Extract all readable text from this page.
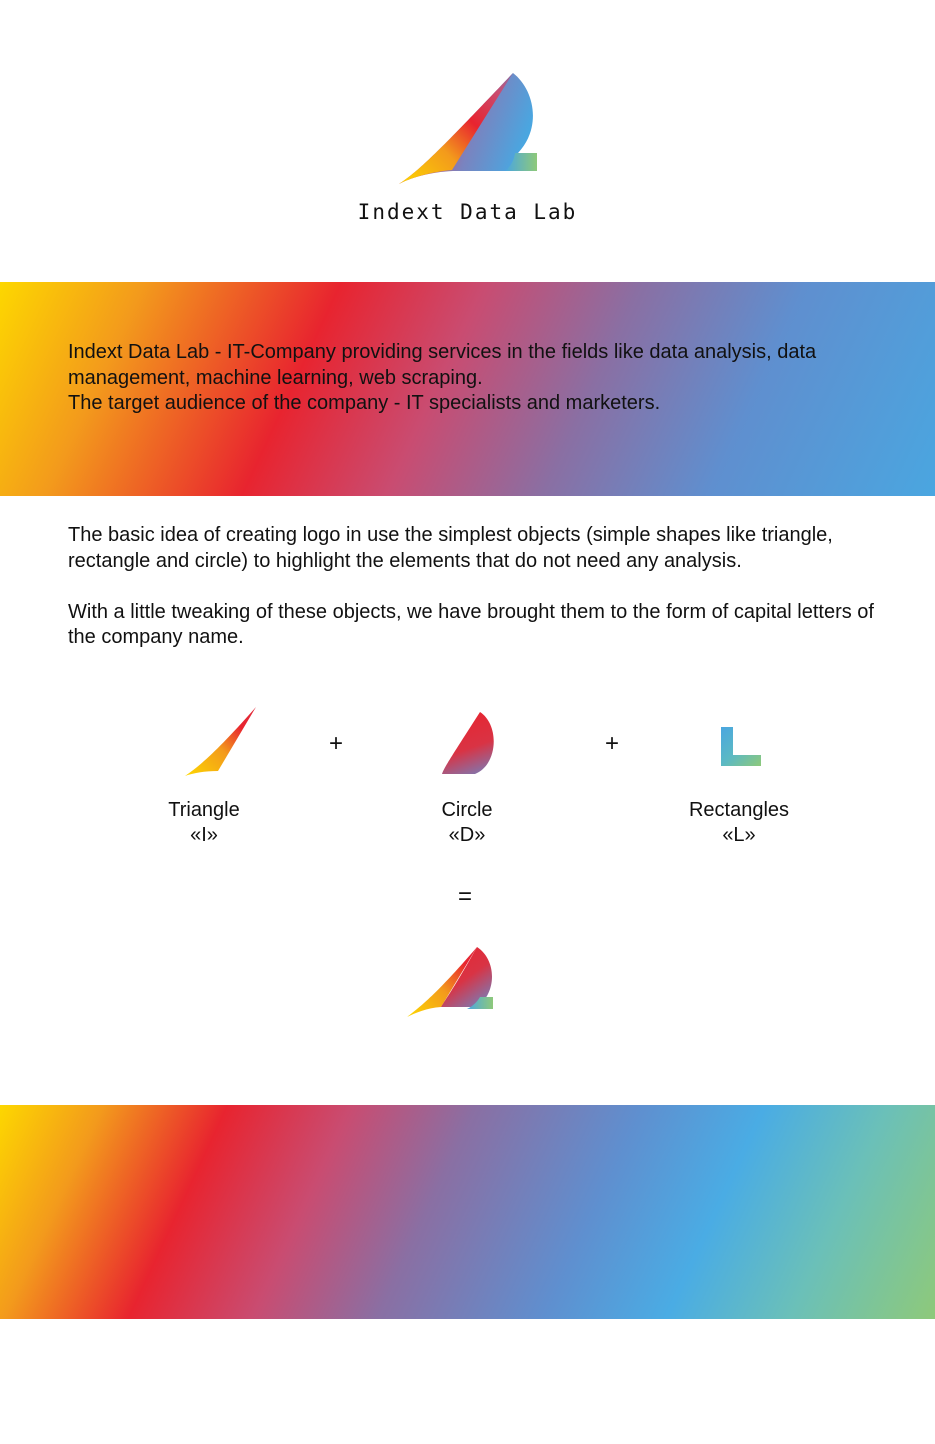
Indext Data Lab

Indext Data Lab - IT-Company providing services in the fields like data analysis, data management, machine learning, web scraping.

The target audience of the company - IT specialists and marketers.

The basic idea of creating logo in use the simplest objects (simple shapes like triangle, rectangle and circle) to highlight the elements that do not need any analysis.

With a little tweaking of these objects, we have brought them to the form of capital letters of the company name.

+	+
Triangle
«I»
Circle
«D»
Rectangles
«L»
=
